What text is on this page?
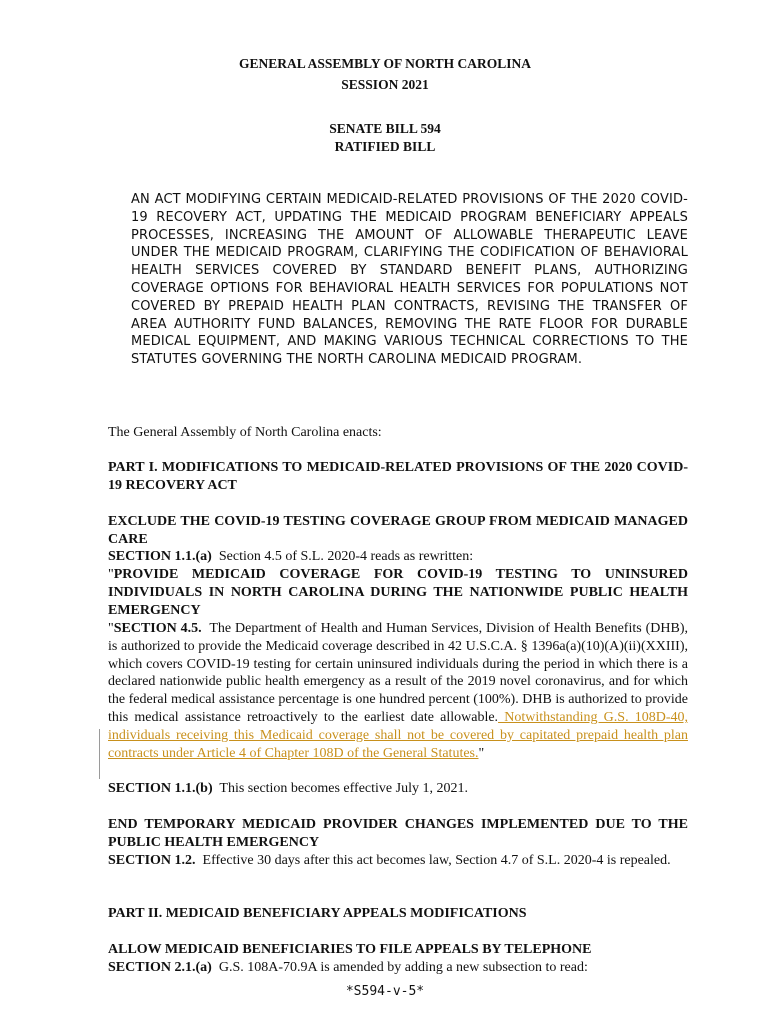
GENERAL ASSEMBLY OF NORTH CAROLINA
SESSION 2021
SENATE BILL 594
RATIFIED BILL
AN ACT MODIFYING CERTAIN MEDICAID-RELATED PROVISIONS OF THE 2020 COVID-19 RECOVERY ACT, UPDATING THE MEDICAID PROGRAM BENEFICIARY APPEALS PROCESSES, INCREASING THE AMOUNT OF ALLOWABLE THERAPEUTIC LEAVE UNDER THE MEDICAID PROGRAM, CLARIFYING THE CODIFICATION OF BEHAVIORAL HEALTH SERVICES COVERED BY STANDARD BENEFIT PLANS, AUTHORIZING COVERAGE OPTIONS FOR BEHAVIORAL HEALTH SERVICES FOR POPULATIONS NOT COVERED BY PREPAID HEALTH PLAN CONTRACTS, REVISING THE TRANSFER OF AREA AUTHORITY FUND BALANCES, REMOVING THE RATE FLOOR FOR DURABLE MEDICAL EQUIPMENT, AND MAKING VARIOUS TECHNICAL CORRECTIONS TO THE STATUTES GOVERNING THE NORTH CAROLINA MEDICAID PROGRAM.
The General Assembly of North Carolina enacts:
PART I. MODIFICATIONS TO MEDICAID-RELATED PROVISIONS OF THE 2020 COVID-19 RECOVERY ACT
EXCLUDE THE COVID-19 TESTING COVERAGE GROUP FROM MEDICAID MANAGED CARE
SECTION 1.1.(a) Section 4.5 of S.L. 2020-4 reads as rewritten:
"PROVIDE MEDICAID COVERAGE FOR COVID-19 TESTING TO UNINSURED INDIVIDUALS IN NORTH CAROLINA DURING THE NATIONWIDE PUBLIC HEALTH EMERGENCY
"SECTION 4.5. The Department of Health and Human Services, Division of Health Benefits (DHB), is authorized to provide the Medicaid coverage described in 42 U.S.C.A. § 1396a(a)(10)(A)(ii)(XXIII), which covers COVID-19 testing for certain uninsured individuals during the period in which there is a declared nationwide public health emergency as a result of the 2019 novel coronavirus, and for which the federal medical assistance percentage is one hundred percent (100%). DHB is authorized to provide this medical assistance retroactively to the earliest date allowable. Notwithstanding G.S. 108D-40, individuals receiving this Medicaid coverage shall not be covered by capitated prepaid health plan contracts under Article 4 of Chapter 108D of the General Statutes."
SECTION 1.1.(b) This section becomes effective July 1, 2021.
END TEMPORARY MEDICAID PROVIDER CHANGES IMPLEMENTED DUE TO THE PUBLIC HEALTH EMERGENCY
SECTION 1.2. Effective 30 days after this act becomes law, Section 4.7 of S.L. 2020-4 is repealed.
PART II. MEDICAID BENEFICIARY APPEALS MODIFICATIONS
ALLOW MEDICAID BENEFICIARIES TO FILE APPEALS BY TELEPHONE
SECTION 2.1.(a) G.S. 108A-70.9A is amended by adding a new subsection to read:
*S594-v-5*
